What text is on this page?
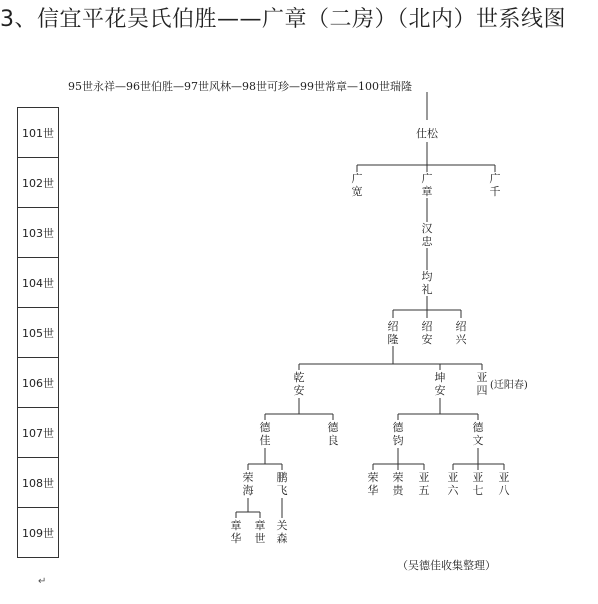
3、信宜平花吴氏伯胜——广章（二房）（北内）世系线图
95世永祥—96世伯胜—97世风林—98世可珍—99世常章—100世瑞隆
101世
102世
103世
104世
105世
106世
107世
108世
109世
仕松
广
宽
广
章
广
千
汉
忠
均
礼
绍
隆
绍
安
绍
兴
乾
安
坤
安
亚
四 (迁阳春)
德
佳
德
良
德
钧
德
文
荣
海
鹏
飞
荣
华
荣
贵
亚
五
亚
六
亚
七
亚
八
章
华
章
世
关
森
（吴德佳收集整理）
↵
